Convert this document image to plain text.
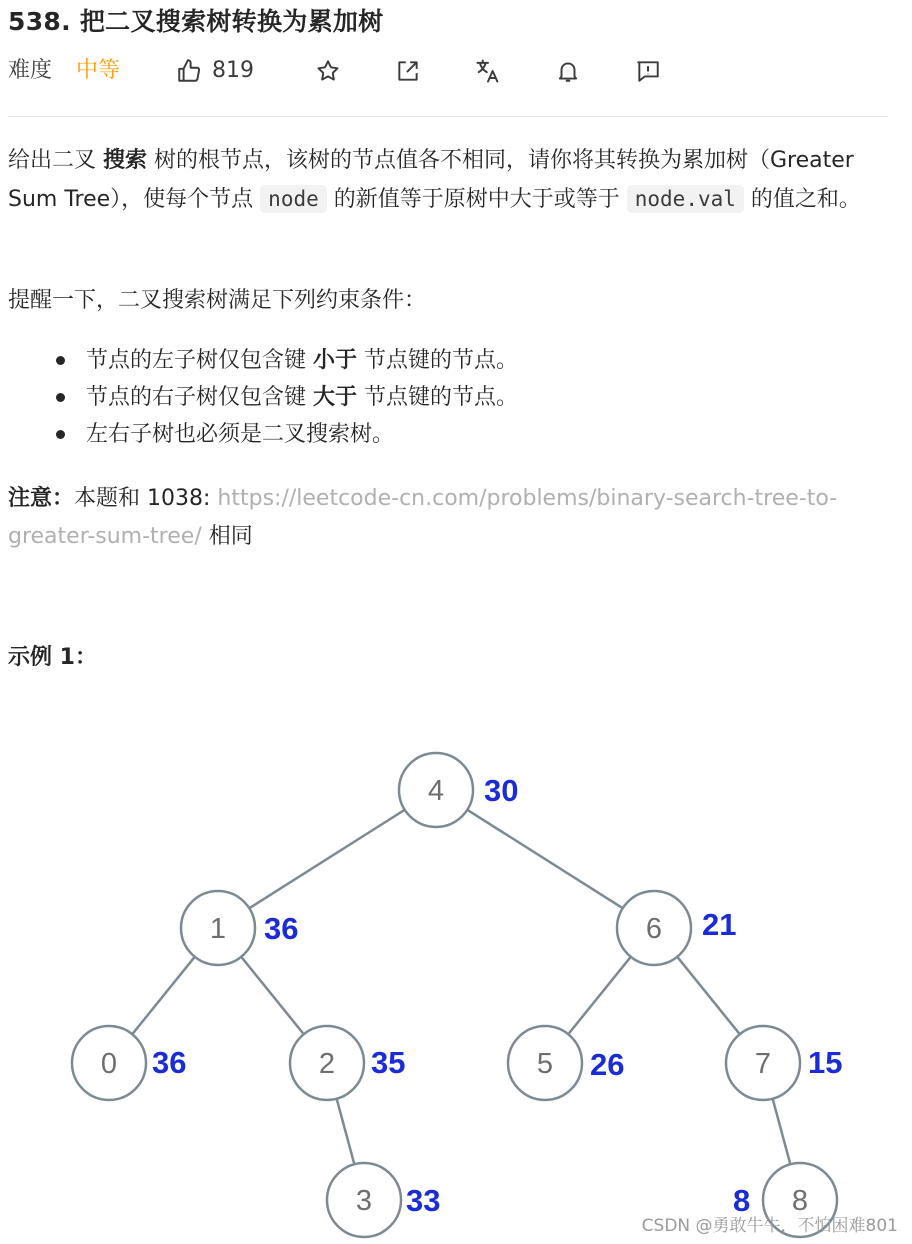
538. 把二叉搜索树转换为累加树
难度 中等	819

给出二叉 搜索 树的根节点，该树的节点值各不相同，请你将其转换为累加树（Greater Sum Tree），使每个节点 node 的新值等于原树中大于或等于 node.val 的值之和。

提醒一下，二叉搜索树满足下列约束条件：

节点的左子树仅包含键 小于 节点键的节点。
节点的右子树仅包含键 大于 节点键的节点。
左右子树也必须是二叉搜索树。

注意：本题和 1038: https://leetcode-cn.com/problems/binary-search-tree-to-greater-sum-tree/ 相同

示例 1：
4 30
1 36	6 21
0 36	2 35	5 26	7 15
3 33	8
8
CSDN @勇敢牛牛，不怕困难801
